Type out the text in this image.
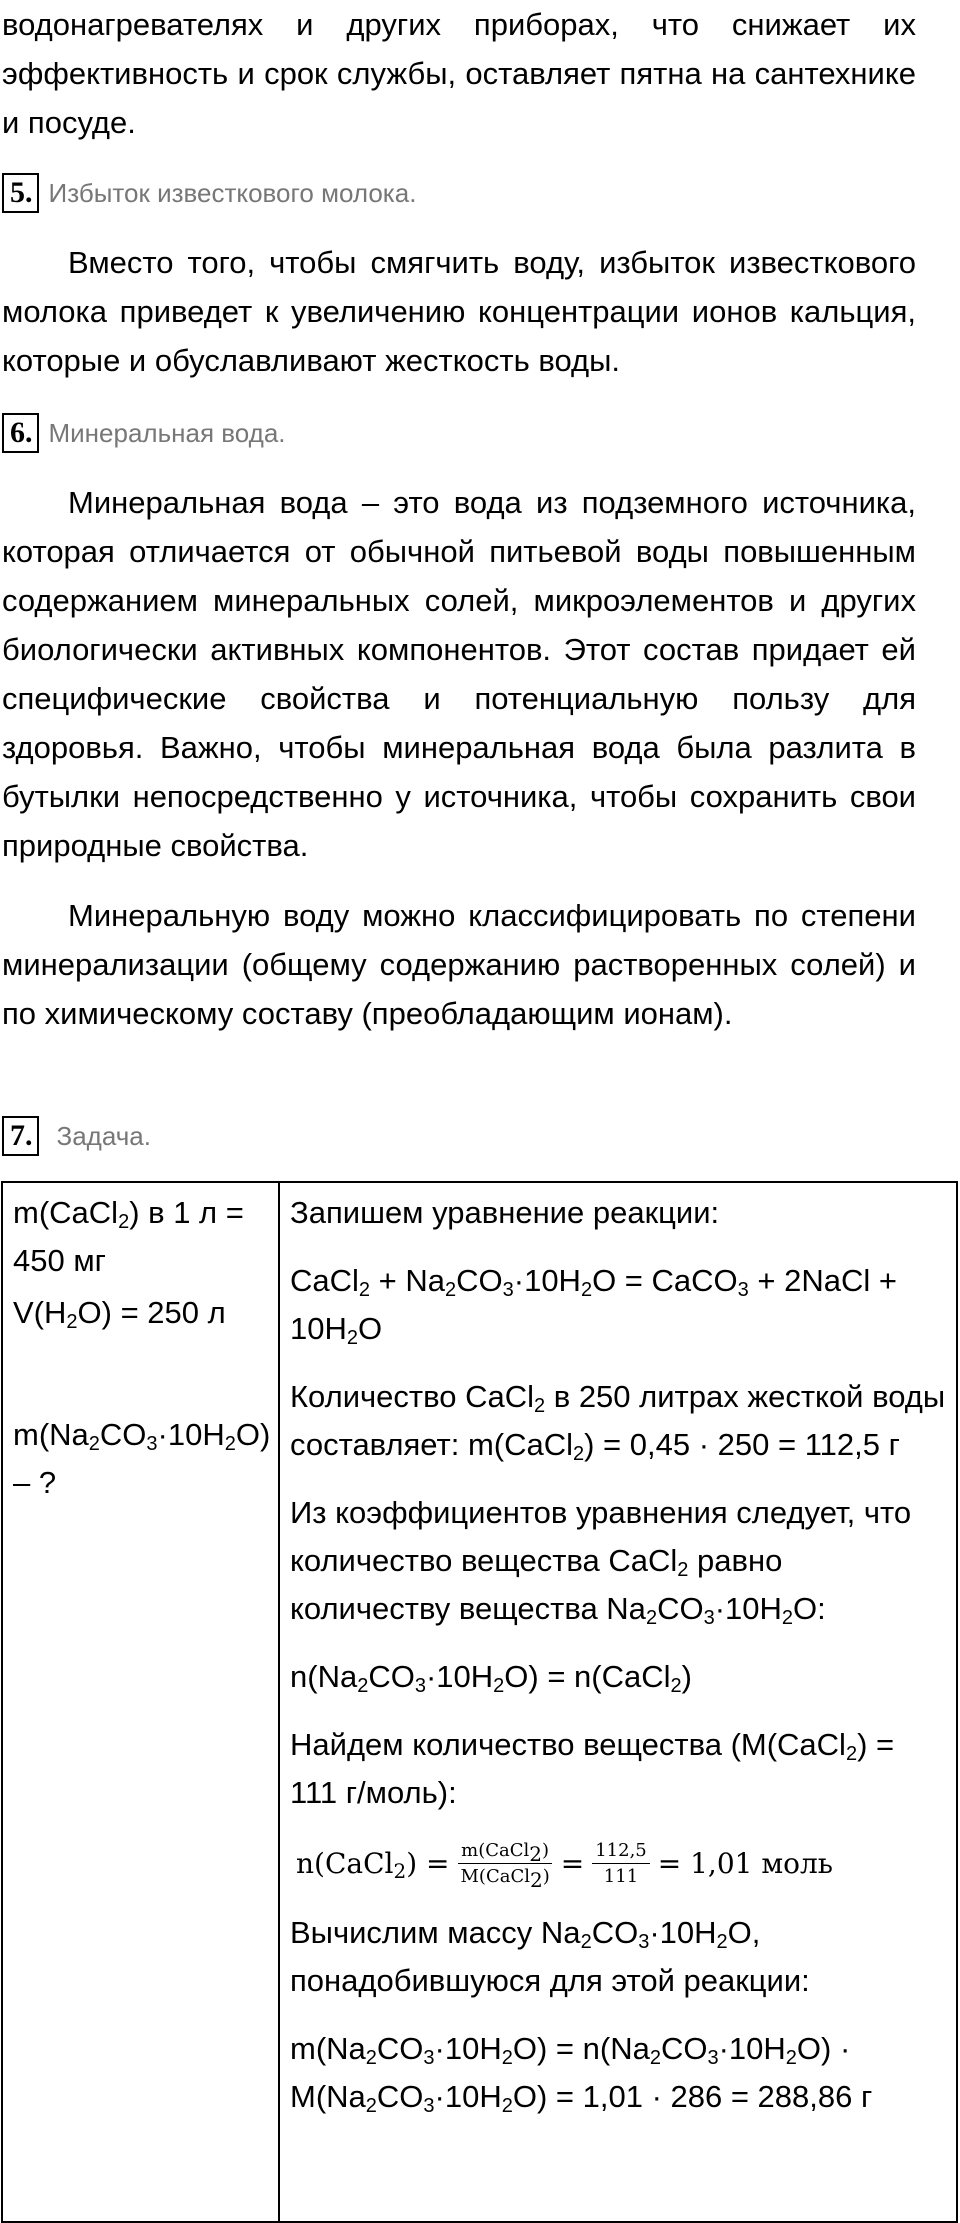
водонагревателях и других приборах, что снижает их эффективность и срок службы, оставляет пятна на сантехнике и посуде.

5. Избыток известкового молока.

Вместо того, чтобы смягчить воду, избыток известкового молока приведет к увеличению концентрации ионов кальция, которые и обуславливают жесткость воды.

6. Минеральная вода.

Минеральная вода – это вода из подземного источника, которая отличается от обычной питьевой воды повышенным содержанием минеральных солей, микроэлементов и других биологически активных компонентов. Этот состав придает ей специфические свойства и потенциальную пользу для здоровья. Важно, чтобы минеральная вода была разлита в бутылки непосредственно у источника, чтобы сохранить свои природные свойства.

Минеральную воду можно классифицировать по степени минерализации (общему содержанию растворенных солей) и по химическому составу (преобладающим ионам).

7. Задача.

m(CaCl$_2$) в 1 л = 450 мг

$V(H_2O) = 250$ л

$m(Na_2CO_3\cdot 10H_2O)$ – ?

Запишем уравнение реакции:

CaCl$_2$ + $Na_2CO_3\cdot 10H_2O$ = CaCO$_3$ + 2NaCl + $10H_2O$

Количество CaCl$_2$ в 250 литрах жесткой воды составляет: m(CaCl$_2$) = 0,45 · 250 = 112,5 г

Из коэффициентов уравнения следует, что количество вещества CaCl$_2$ равно количеству вещества $Na_2CO_3\cdot 10H_2O$:

$n(Na_2CO_3\cdot 10H_2O)$ = n(CaCl$_2$)

Найдем количество вещества (M(CaCl$_2$) = 111 г/моль):

n(CaCl$_2$) = $\frac{m(CaCl_2)}{M(CaCl_2)} = \frac{112,5}{111} = 1,01$ моль

Вычислим массу $Na_2CO_3\cdot 10H_2O$, понадобившуюся для этой реакции:

$m(Na_2CO_3\cdot 10H_2O) = n(Na_2CO_3\cdot 10H_2O) \cdot M(Na_2CO_3\cdot 10H_2O) = 1,01 \cdot 286 = 288,86$ г
